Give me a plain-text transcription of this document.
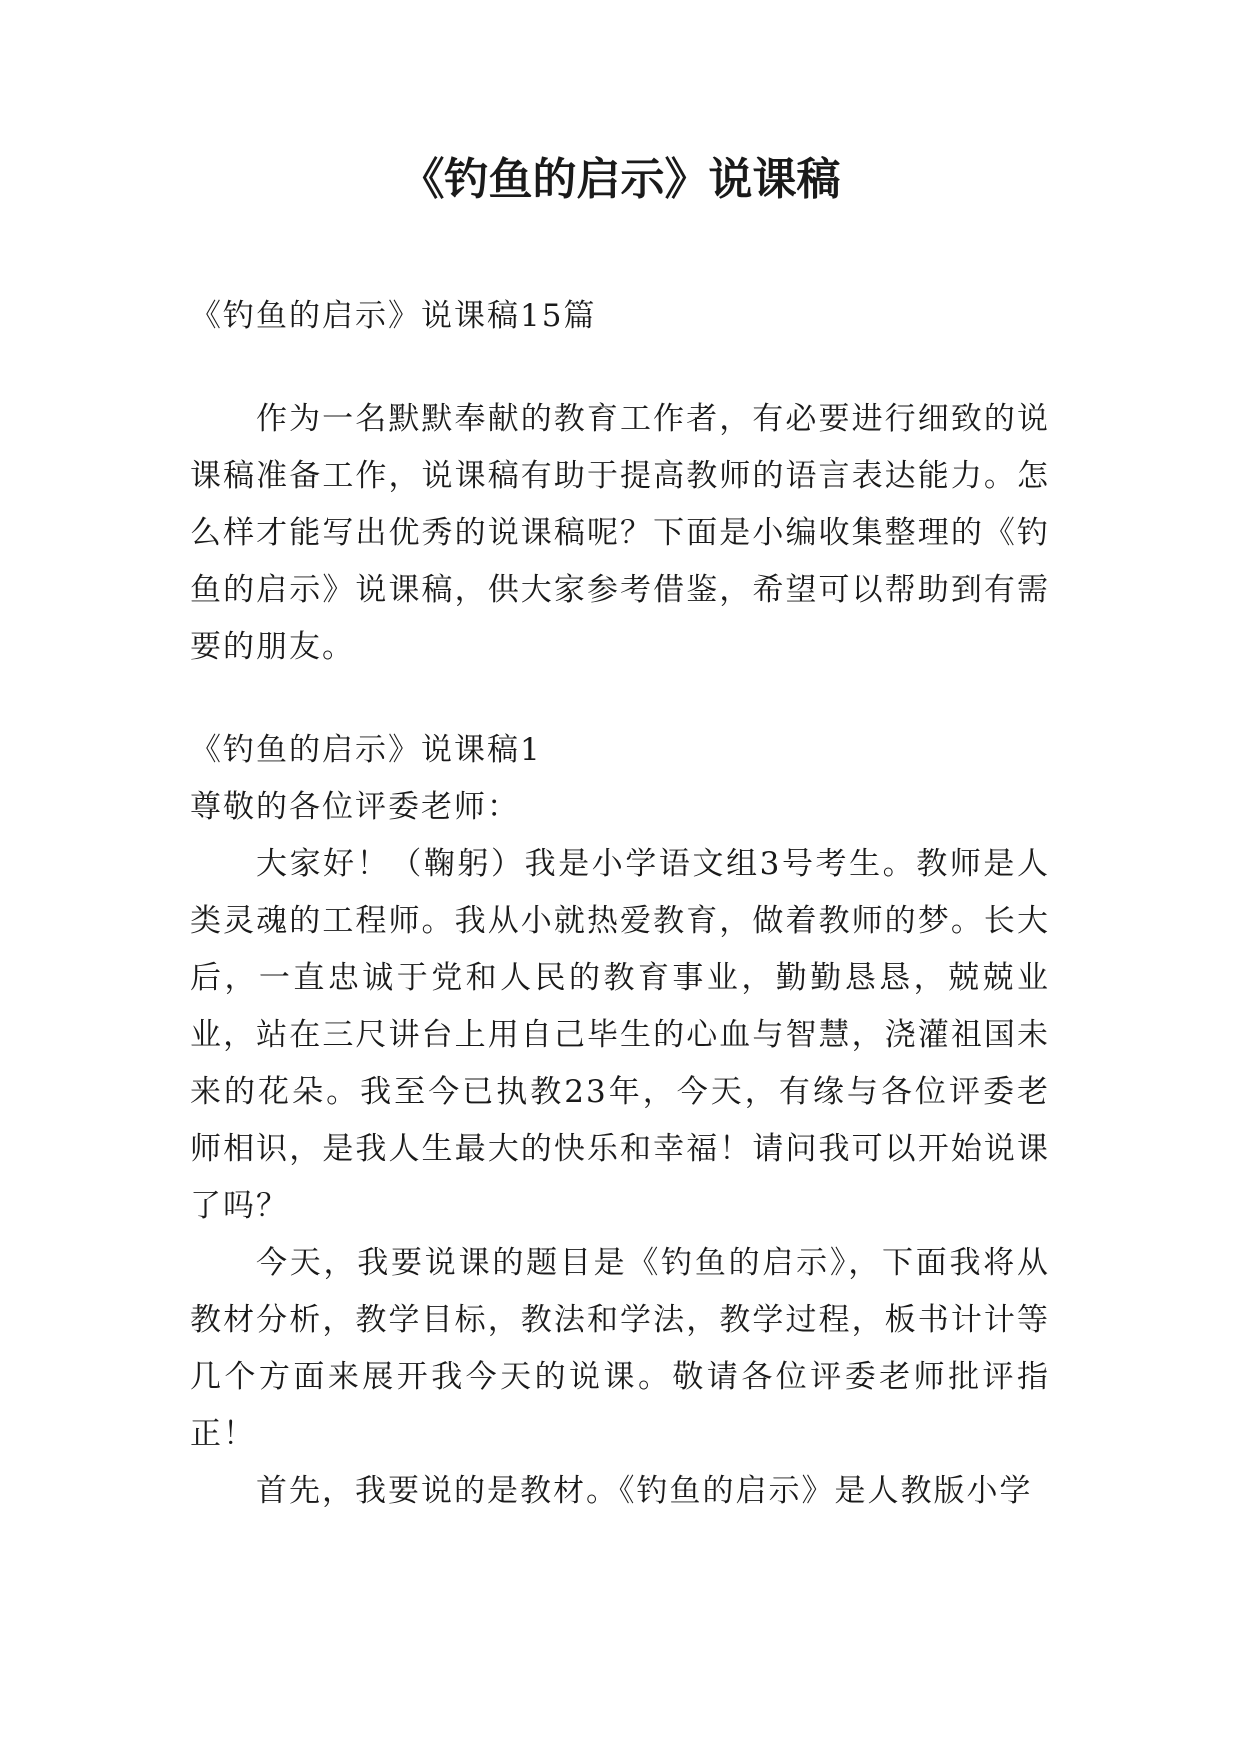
《钓鱼的启示》说课稿

《钓鱼的启示》说课稿15篇

作为一名默默奉献的教育工作者，有必要进行细致的说课稿准备工作，说课稿有助于提高教师的语言表达能力。怎么样才能写出优秀的说课稿呢？下面是小编收集整理的《钓鱼的启示》说课稿，供大家参考借鉴，希望可以帮助到有需要的朋友。

《钓鱼的启示》说课稿1

尊敬的各位评委老师：

大家好！（鞠躬）我是小学语文组3号考生。教师是人类灵魂的工程师。我从小就热爱教育，做着教师的梦。长大后，一直忠诚于党和人民的教育事业，勤勤恳恳，兢兢业业，站在三尺讲台上用自己毕生的心血与智慧，浇灌祖国未来的花朵。我至今已执教23年，今天，有缘与各位评委老师相识，是我人生最大的快乐和幸福！请问我可以开始说课了吗？

今天，我要说课的题目是《钓鱼的启示》，下面我将从教材分析，教学目标，教法和学法，教学过程，板书计计等几个方面来展开我今天的说课。敬请各位评委老师批评指正！

首先，我要说的是教材。《钓鱼的启示》是人教版小学
